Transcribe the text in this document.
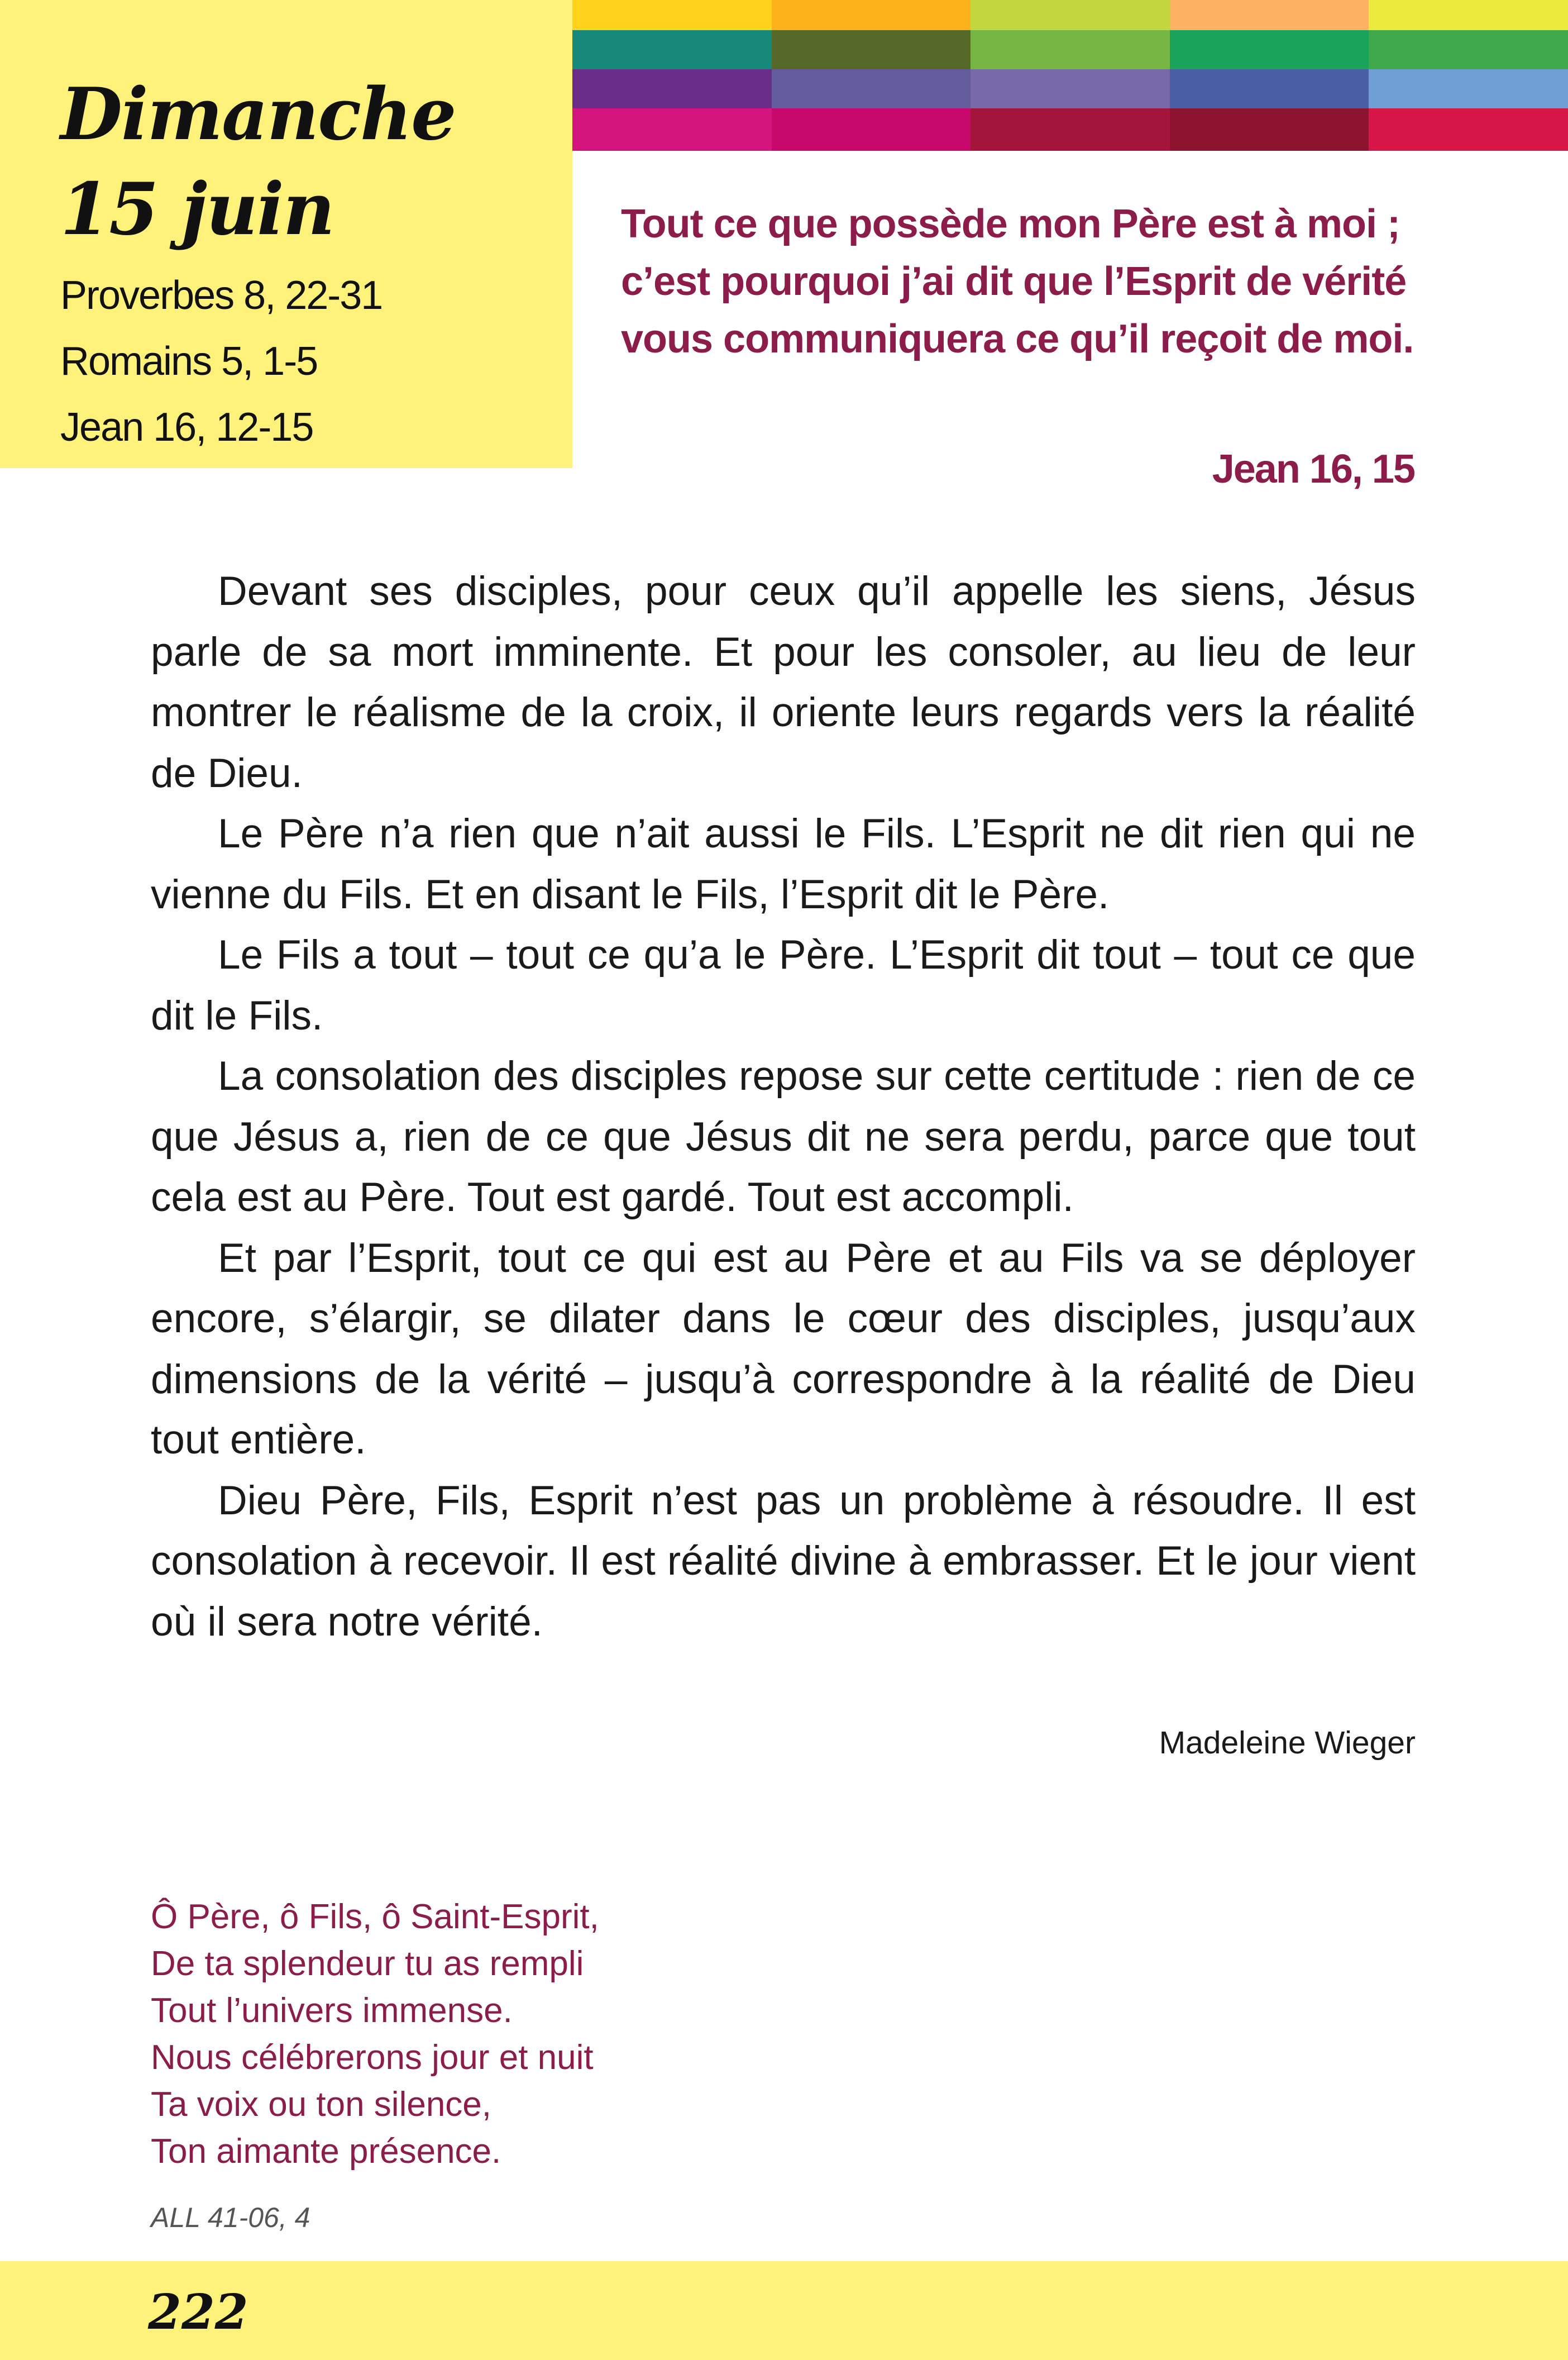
Dimanche
15 juin
Proverbes 8, 22-31
Romains 5, 1-5
Jean 16, 12-15
Tout ce que possède mon Père est à moi ; c’est pourquoi j’ai dit que l’Esprit de vérité vous communiquera ce qu’il reçoit de moi.
Jean 16, 15

Devant ses disciples, pour ceux qu’il appelle les siens, Jésus parle de sa mort imminente. Et pour les consoler, au lieu de leur montrer le réalisme de la croix, il oriente leurs regards vers la réalité de Dieu.

Le Père n’a rien que n’ait aussi le Fils. L’Esprit ne dit rien qui ne vienne du Fils. Et en disant le Fils, l’Esprit dit le Père.

Le Fils a tout – tout ce qu’a le Père. L’Esprit dit tout – tout ce que dit le Fils.

La consolation des disciples repose sur cette certitude : rien de ce que Jésus a, rien de ce que Jésus dit ne sera perdu, parce que tout cela est au Père. Tout est gardé. Tout est accompli.

Et par l’Esprit, tout ce qui est au Père et au Fils va se déployer encore, s’élargir, se dilater dans le cœur des disciples, jusqu’aux dimensions de la vérité – jusqu’à correspondre à la réalité de Dieu tout entière.

Dieu Père, Fils, Esprit n’est pas un problème à résoudre. Il est consolation à recevoir. Il est réalité divine à embrasser. Et le jour vient où il sera notre vérité.

Madeleine Wieger
Ô Père, ô Fils, ô Saint-Esprit,
De ta splendeur tu as rempli
Tout l’univers immense.
Nous célébrerons jour et nuit
Ta voix ou ton silence,
Ton aimante présence.
ALL 41-06, 4
222
